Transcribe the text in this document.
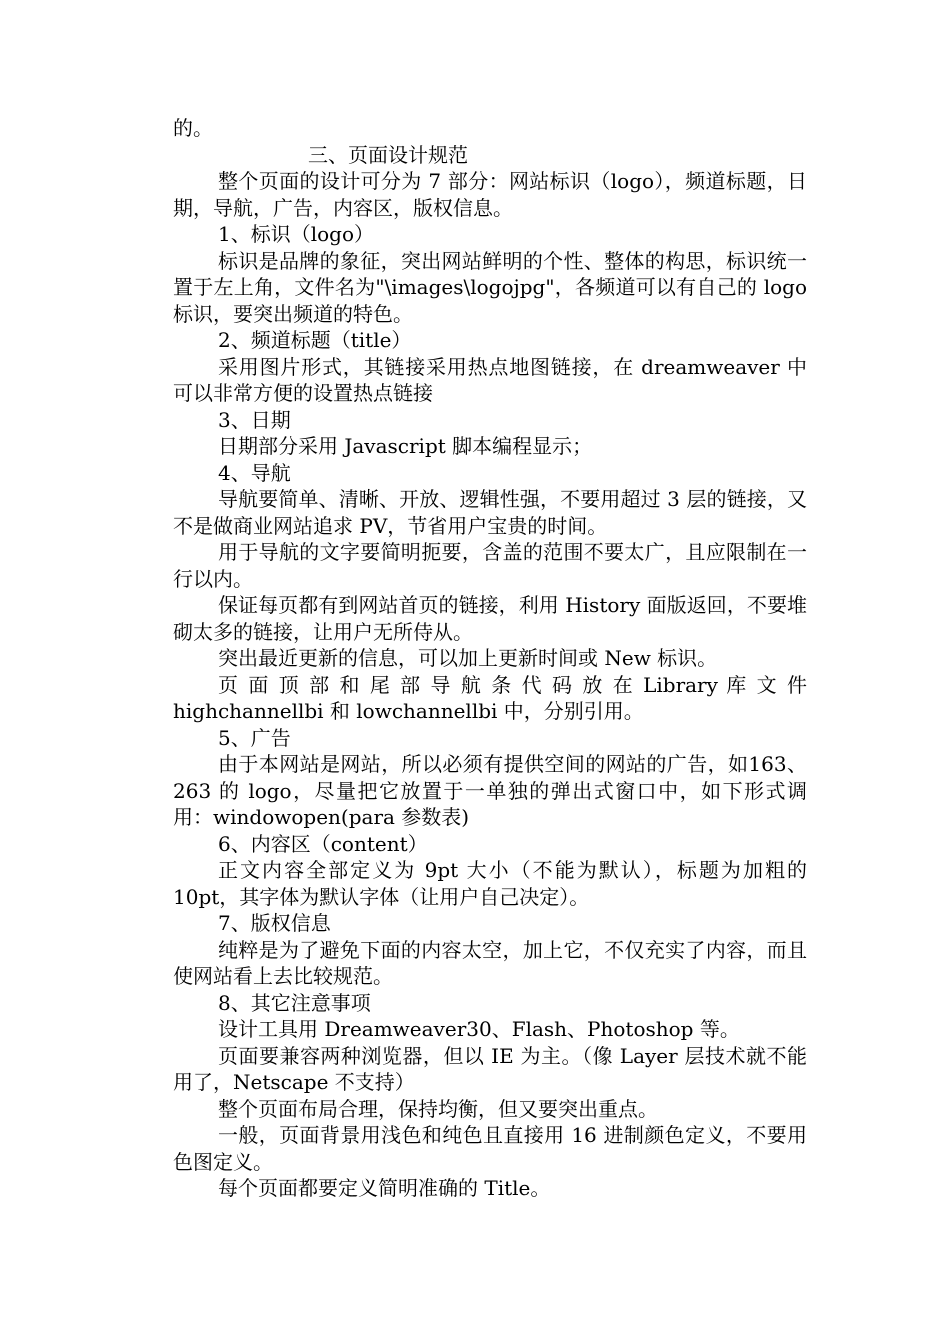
的。

三、页面设计规范

整个页面的设计可分为 7 部分：网站标识（logo），频道标题，日期，导航，广告，内容区，版权信息。

1、标识（logo）

标识是品牌的象征，突出网站鲜明的个性、整体的构思，标识统一置于左上角，文件名为"\images\logojpg"，各频道可以有自己的 logo 标识，要突出频道的特色。

2、频道标题（title）

采用图片形式，其链接采用热点地图链接，在 dreamweaver 中可以非常方便的设置热点链接

3、日期

日期部分采用 Javascript 脚本编程显示；

4、导航

导航要简单、清晰、开放、逻辑性强，不要用超过 3 层的链接，又不是做商业网站追求 PV，节省用户宝贵的时间。

用于导航的文字要简明扼要，含盖的范围不要太广，且应限制在一行以内。

保证每页都有到网站首页的链接，利用 History 面版返回，不要堆砌太多的链接，让用户无所侍从。

突出最近更新的信息，可以加上更新时间或 New 标识。

页 面 顶 部 和 尾 部 导 航 条 代 码 放 在 Library 库 文 件

highchannellbi 和 lowchannellbi 中，分别引用。

5、广告

由于本网站是网站，所以必须有提供空间的网站的广告，如163、263 的 logo，尽量把它放置于一单独的弹出式窗口中，如下形式调用：windowopen(para 参数表)

6、内容区（content）

正文内容全部定义为 9pt 大小（不能为默认），标题为加粗的 10pt，其字体为默认字体（让用户自己决定）。

7、版权信息

纯粹是为了避免下面的内容太空，加上它，不仅充实了内容，而且使网站看上去比较规范。

8、其它注意事项

设计工具用 Dreamweaver30、Flash、Photoshop 等。

页面要兼容两种浏览器，但以 IE 为主。（像 Layer 层技术就不能用了，Netscape 不支持）

整个页面布局合理，保持均衡，但又要突出重点。

一般，页面背景用浅色和纯色且直接用 16 进制颜色定义，不要用色图定义。

每个页面都要定义简明准确的 Title。
